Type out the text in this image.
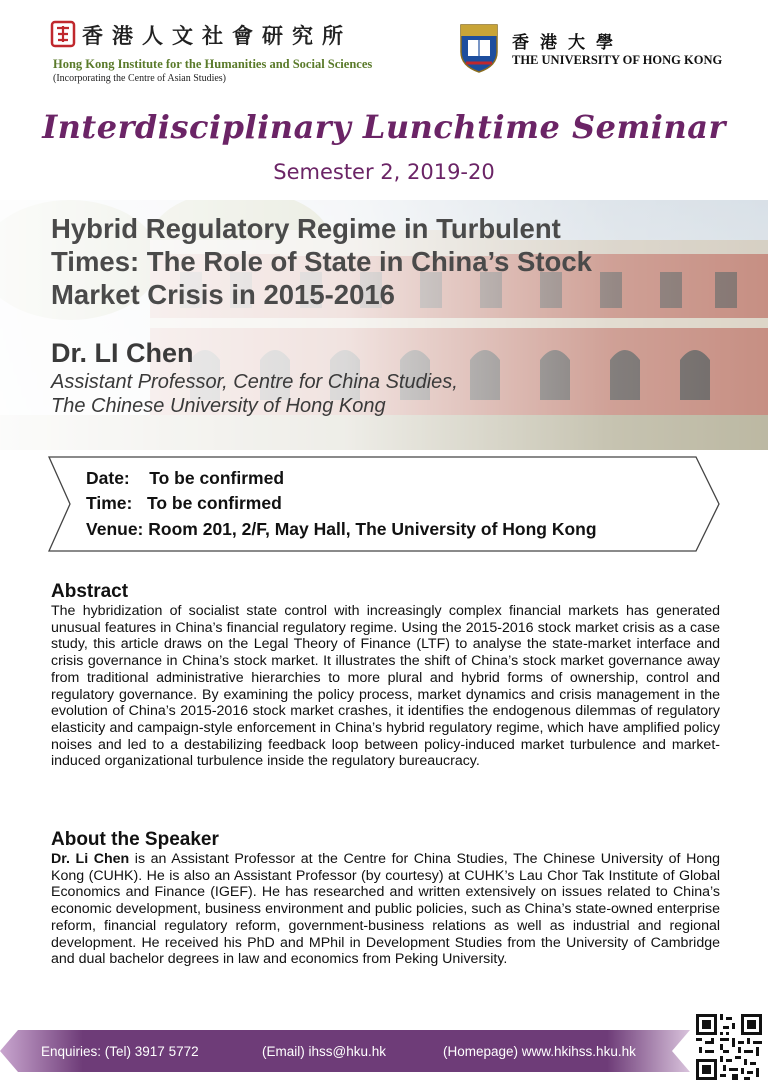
香港人文社會研究所
Hong Kong Institute for the Humanities and Social Sciences
(Incorporating the Centre of Asian Studies)
香港大學
THE UNIVERSITY OF HONG KONG
Interdisciplinary Lunchtime Seminar
Semester 2, 2019-20
Hybrid Regulatory Regime in Turbulent
Times: The Role of State in China’s Stock
Market Crisis in 2015-2016
Dr. LI Chen
Assistant Professor, Centre for China Studies,
The Chinese University of Hong Kong
Date: To be confirmed
Time: To be confirmed
Venue: Room 201, 2/F, May Hall, The University of Hong Kong
Abstract
The hybridization of socialist state control with increasingly complex financial markets has generated unusual features in China’s financial regulatory regime. Using the 2015-2016 stock market crisis as a case study, this article draws on the Legal Theory of Finance (LTF) to analyse the state-market interface and crisis governance in China’s stock market. It illustrates the shift of China’s stock market governance away from traditional administrative hierarchies to more plural and hybrid forms of ownership, control and regulatory governance. By examining the policy process, market dynamics and crisis management in the evolution of China’s 2015-2016 stock market crashes, it identifies the endogenous dilemmas of regulatory elasticity and campaign-style enforcement in China’s hybrid regulatory regime, which have amplified policy noises and led to a destabilizing feedback loop between policy-induced market turbulence and market-induced organizational turbulence inside the regulatory bureaucracy.
About the Speaker
Dr. Li Chen is an Assistant Professor at the Centre for China Studies, The Chinese University of Hong Kong (CUHK). He is also an Assistant Professor (by courtesy) at CUHK’s Lau Chor Tak Institute of Global Economics and Finance (IGEF). He has researched and written extensively on issues related to China’s economic development, business environment and public policies, such as China’s state-owned enterprise reform, financial regulatory reform, government-business relations as well as industrial and regional development. He received his PhD and MPhil in Development Studies from the University of Cambridge and dual bachelor degrees in law and economics from Peking University.
Enquiries: (Tel) 3917 5772	(Email) ihss@hku.hk	(Homepage) www.hkihss.hku.hk
